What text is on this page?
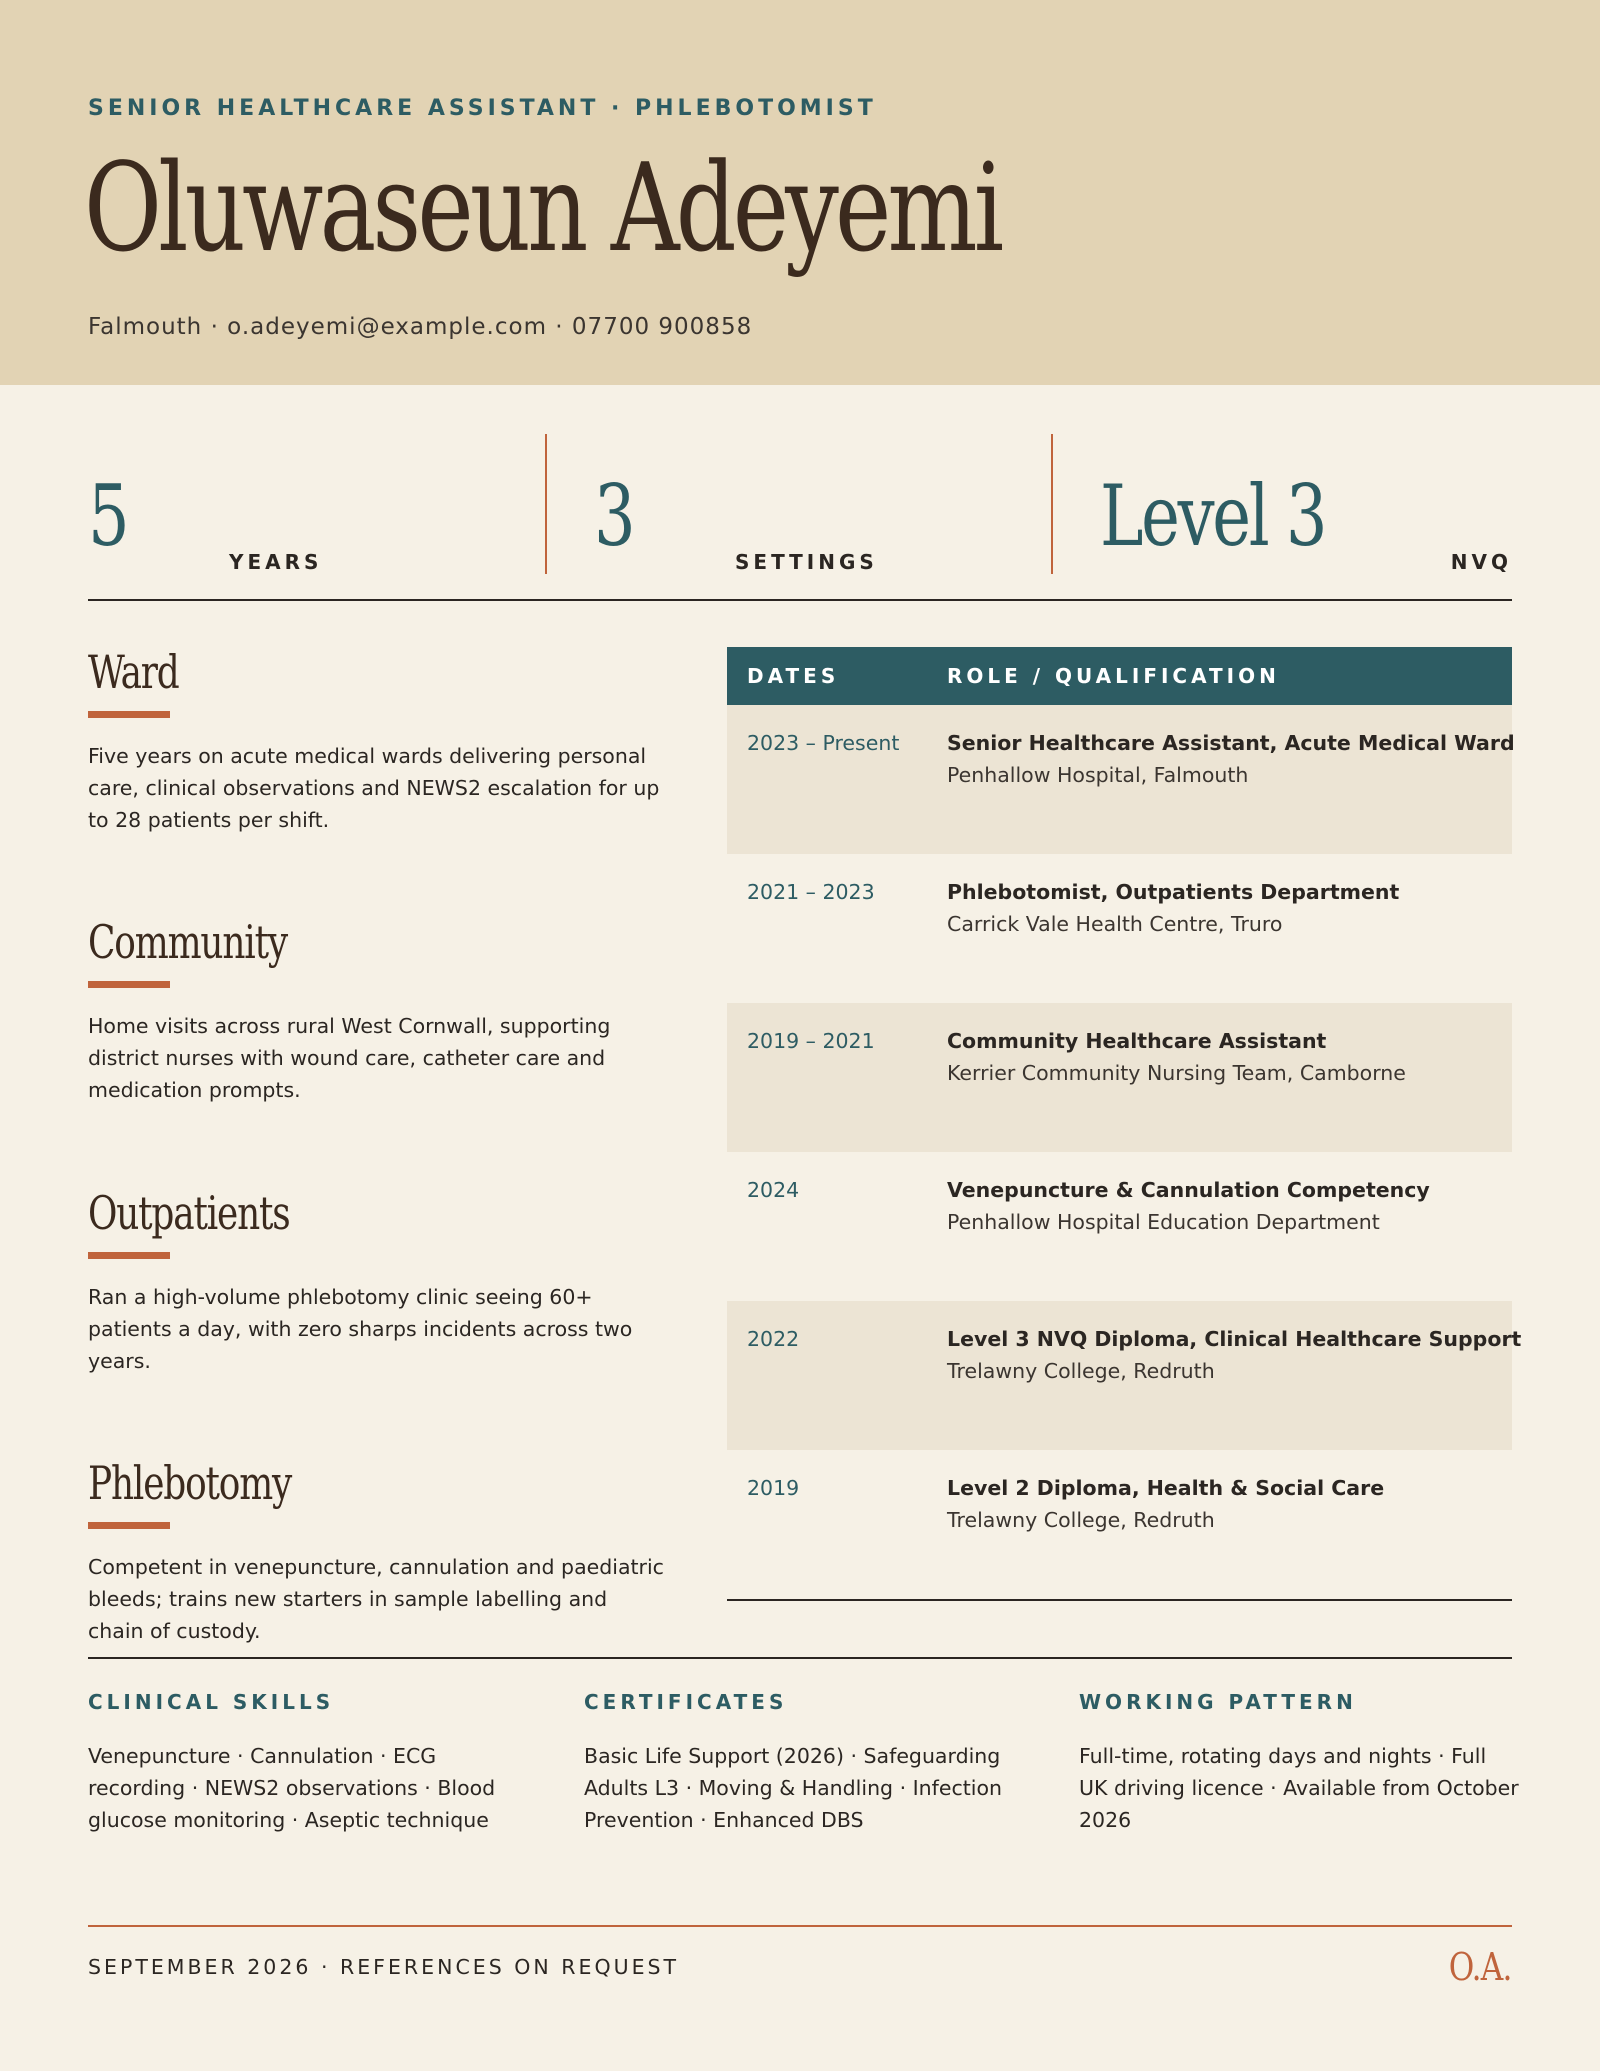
SENIOR HEALTHCARE ASSISTANT · PHLEBOTOMIST
Oluwaseun Adeyemi
Falmouth · o.adeyemi@example.com · 07700 900858
5	YEARS	3	SETTINGS	Level 3	NVQ
Ward
Five years on acute medical wards delivering personal care, clinical observations and NEWS2 escalation for up to 28 patients per shift.
Community
Home visits across rural West Cornwall, supporting district nurses with wound care, catheter care and medication prompts.
Outpatients
Ran a high-volume phlebotomy clinic seeing 60+ patients a day, with zero sharps incidents across two years.
Phlebotomy
Competent in venepuncture, cannulation and paediatric bleeds; trains new starters in sample labelling and chain of custody.
DATES	ROLE / QUALIFICATION
2023 – Present Senior Healthcare Assistant, Acute Medical Ward
Penhallow Hospital, Falmouth
2021 – 2023	Phlebotomist, Outpatients Department
Carrick Vale Health Centre, Truro
2019 – 2021	Community Healthcare Assistant
Kerrier Community Nursing Team, Camborne
2024	Venepuncture & Cannulation Competency
Penhallow Hospital Education Department
2022	Level 3 NVQ Diploma, Clinical Healthcare Support
Trelawny College, Redruth
2019	Level 2 Diploma, Health & Social Care
Trelawny College, Redruth
CLINICAL SKILLS
Venepuncture · Cannulation · ECG recording · NEWS2 observations · Blood glucose monitoring · Aseptic technique
CERTIFICATES
Basic Life Support (2026) · Safeguarding Adults L3 · Moving & Handling · Infection Prevention · Enhanced DBS
WORKING PATTERN
Full-time, rotating days and nights · Full UK driving licence · Available from October 2026
SEPTEMBER 2026 · REFERENCES ON REQUEST	O.A.
